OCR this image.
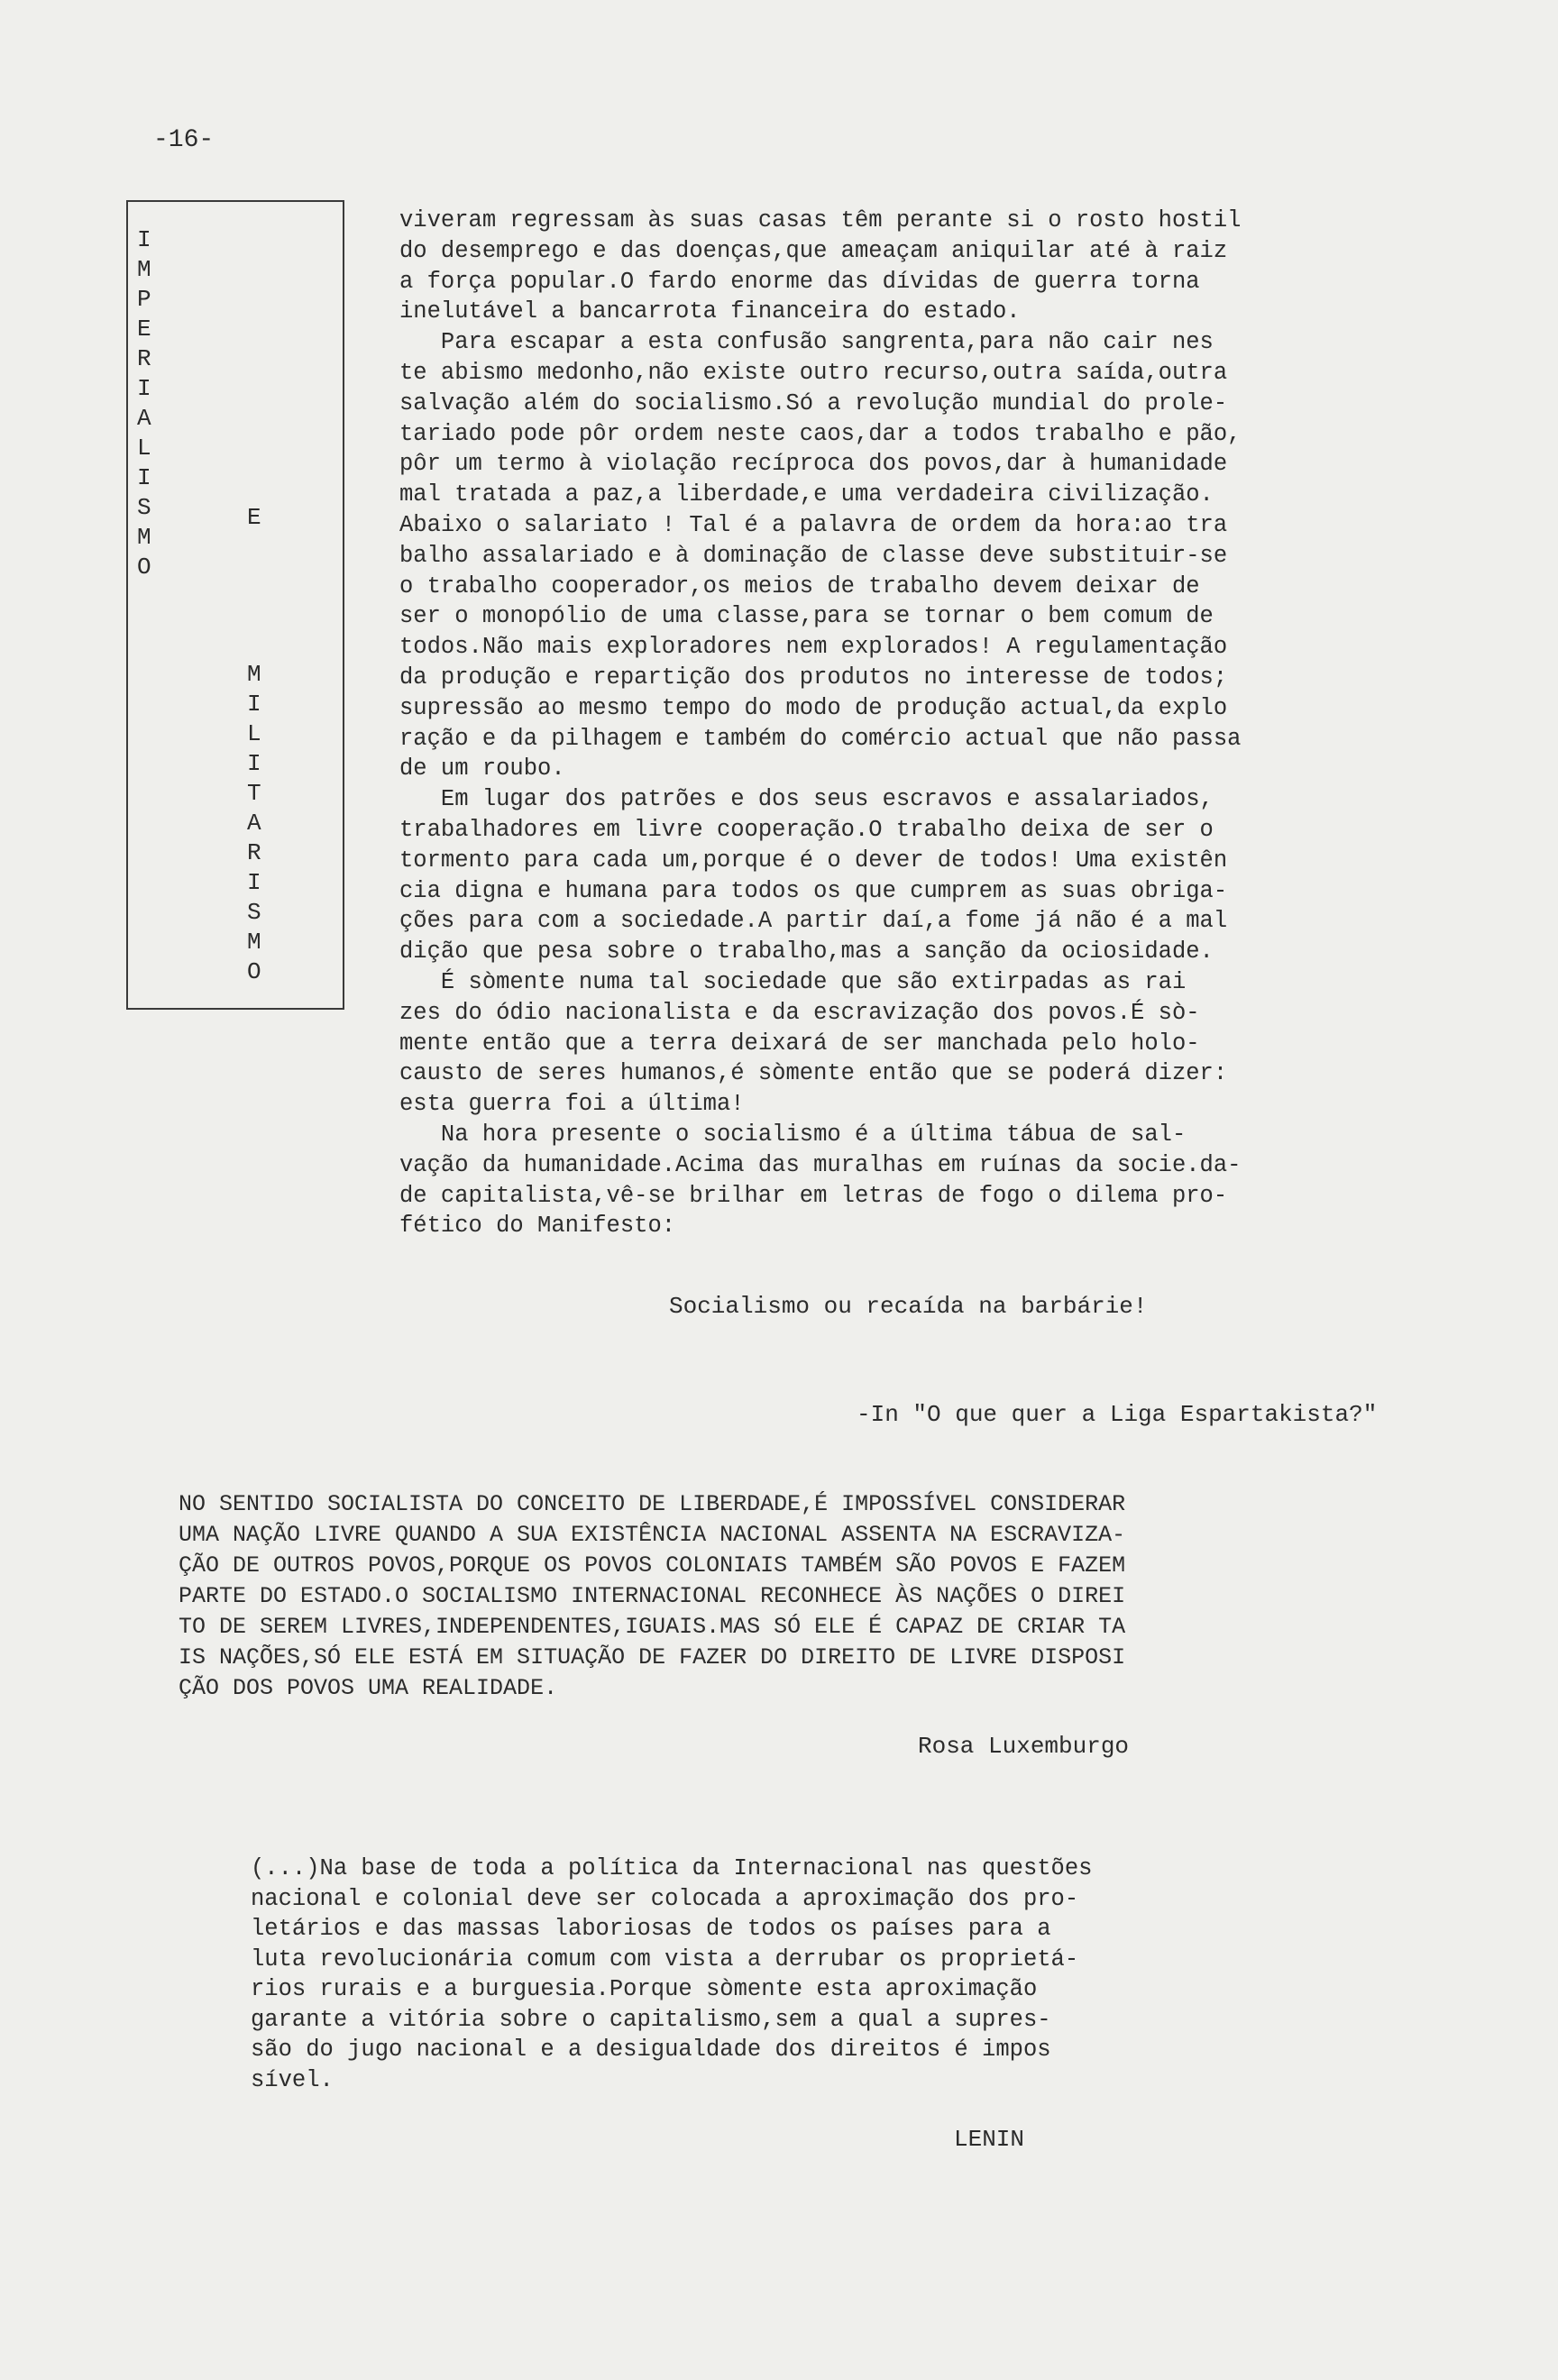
-16-
I
M
P
E
R
I
A
L
I
S
M
O
E
M
I
L
I
T
A
R
I
S
M
O
viveram regressam às suas casas têm perante si o rosto hostil
do desemprego e das doenças,que ameaçam aniquilar até à raiz
a força popular.O fardo enorme das dívidas de guerra torna
inelutável a bancarrota financeira do estado.
Para escapar a esta confusão sangrenta,para não cair nes
te abismo medonho,não existe outro recurso,outra saída,outra
salvação além do socialismo.Só a revolução mundial do prole-
tariado pode pôr ordem neste caos,dar a todos trabalho e pão,
pôr um termo à violação recíproca dos povos,dar à humanidade
mal tratada a paz,a liberdade,e uma verdadeira civilização.
Abaixo o salariato ! Tal é a palavra de ordem da hora:ao tra
balho assalariado e à dominação de classe deve substituir-se
o trabalho cooperador,os meios de trabalho devem deixar de
ser o monopólio de uma classe,para se tornar o bem comum de
todos.Não mais exploradores nem explorados! A regulamentação
da produção e repartição dos produtos no interesse de todos;
supressão ao mesmo tempo do modo de produção actual,da explo
ração e da pilhagem e também do comércio actual que não passa
de um roubo.
Em lugar dos patrões e dos seus escravos e assalariados,
trabalhadores em livre cooperação.O trabalho deixa de ser o
tormento para cada um,porque é o dever de todos! Uma existên
cia digna e humana para todos os que cumprem as suas obriga-
ções para com a sociedade.A partir daí,a fome já não é a mal
dição que pesa sobre o trabalho,mas a sanção da ociosidade.
É sòmente numa tal sociedade que são extirpadas as rai
zes do ódio nacionalista e da escravização dos povos.É sò-
mente então que a terra deixará de ser manchada pelo holo-
causto de seres humanos,é sòmente então que se poderá dizer:
esta guerra foi a última!
Na hora presente o socialismo é a última tábua de sal-
vação da humanidade.Acima das muralhas em ruínas da socie.da-
de capitalista,vê-se brilhar em letras de fogo o dilema pro-
fético do Manifesto:
Socialismo ou recaída na barbárie!
-In "O que quer a Liga Espartakista?"
NO SENTIDO SOCIALISTA DO CONCEITO DE LIBERDADE,É IMPOSSÍVEL CONSIDERAR
UMA NAÇÃO LIVRE QUANDO A SUA EXISTÊNCIA NACIONAL ASSENTA NA ESCRAVIZA-
ÇÃO DE OUTROS POVOS,PORQUE OS POVOS COLONIAIS TAMBÉM SÃO POVOS E FAZEM
PARTE DO ESTADO.O SOCIALISMO INTERNACIONAL RECONHECE ÀS NAÇÕES O DIREI
TO DE SEREM LIVRES,INDEPENDENTES,IGUAIS.MAS SÓ ELE É CAPAZ DE CRIAR TA
IS NAÇÕES,SÓ ELE ESTÁ EM SITUAÇÃO DE FAZER DO DIREITO DE LIVRE DISPOSI
ÇÃO DOS POVOS UMA REALIDADE.
Rosa Luxemburgo
(...)Na base de toda a política da Internacional nas questões
nacional e colonial deve ser colocada a aproximação dos pro-
letários e das massas laboriosas de todos os países para a
luta revolucionária comum com vista a derrubar os proprietá-
rios rurais e a burguesia.Porque sòmente esta aproximação
garante a vitória sobre o capitalismo,sem a qual a supres-
são do jugo nacional e a desigualdade dos direitos é impos
sível.
LENIN
